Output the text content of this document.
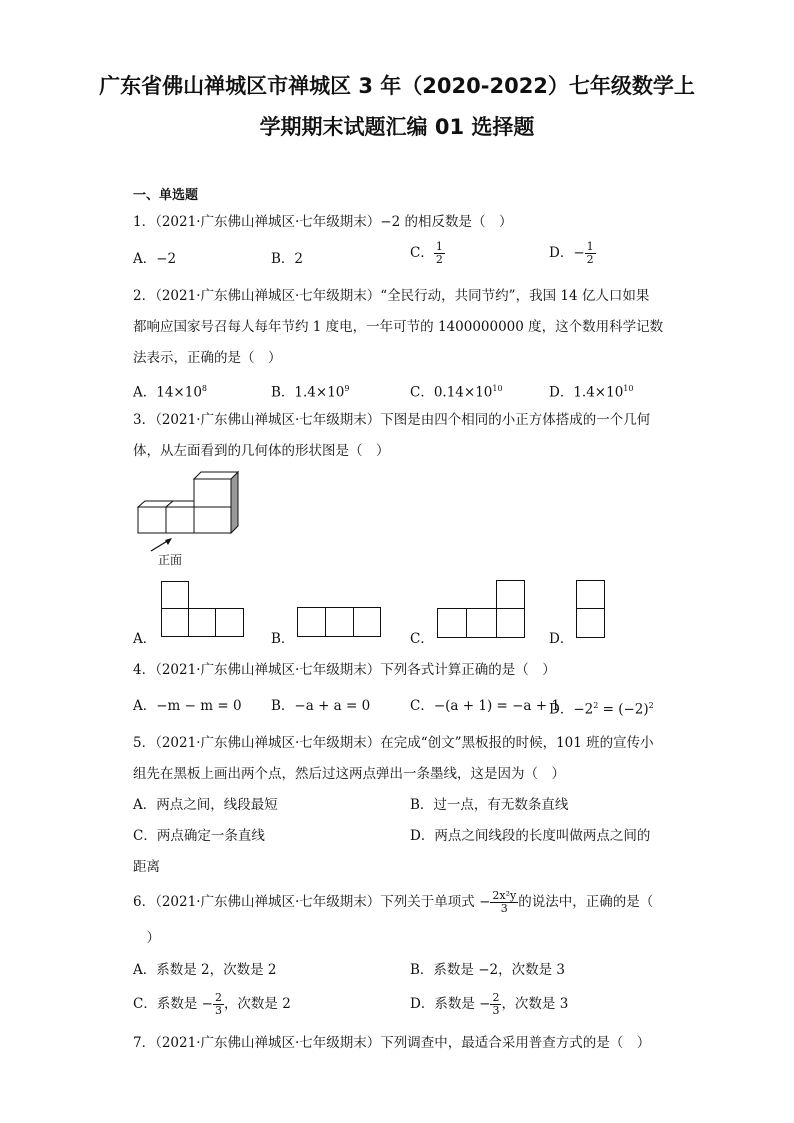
广东省佛山禅城区市禅城区 3 年（2020-2022）七年级数学上
学期期末试题汇编 01 选择题
一、单选题
1．（2021·广东佛山禅城区·七年级期末）−2 的相反数是（　）
A．−2	B．2	C． $\frac{1}{2}$	D．− $\frac{1}{2}$
2．（2021·广东佛山禅城区·七年级期末）“全民行动，共同节约”，我国 14 亿人口如果
都响应国家号召每人每年节约 1 度电，一年可节的 1400000000 度，这个数用科学记数
法表示，正确的是（　）
A．$14\times 10^8$	B．$1.4\times 10^9$	C．$0.14\times 10^{10}$	D．$1.4\times 10^{10}$
3．（2021·广东佛山禅城区·七年级期末）下图是由四个相同的小正方体搭成的一个几何
体，从左面看到的几何体的形状图是（　）
正面
A．	B．	C．	D．
4．（2021·广东佛山禅城区·七年级期末）下列各式计算正确的是（　）
A．−m − m = 0 B．−a + a = 0	C．−(a + 1) = −a + 1
D．$-2^2 = (-2)^2$
5．（2021·广东佛山禅城区·七年级期末）在完成“创文”黑板报的时候，101 班的宣传小
组先在黑板上画出两个点，然后过这两点弹出一条墨线，这是因为（　）
A．两点之间，线段最短	B．过一点，有无数条直线
C．两点确定一条直线	D．两点之间线段的长度叫做两点之间的
距离
6．（2021·广东佛山禅城区·七年级期末）下列关于单项式 − $\frac{\text{2x²y}}{3}$ 的说法中，正确的是（
　）
A．系数是 2，次数是 2	B．系数是 −2，次数是 3
C．系数是 − $\frac{2}{3}$ ，次数是 2	D．系数是 − $\frac{2}{3}$ ，次数是 3
7．（2021·广东佛山禅城区·七年级期末）下列调查中，最适合采用普查方式的是（　）
